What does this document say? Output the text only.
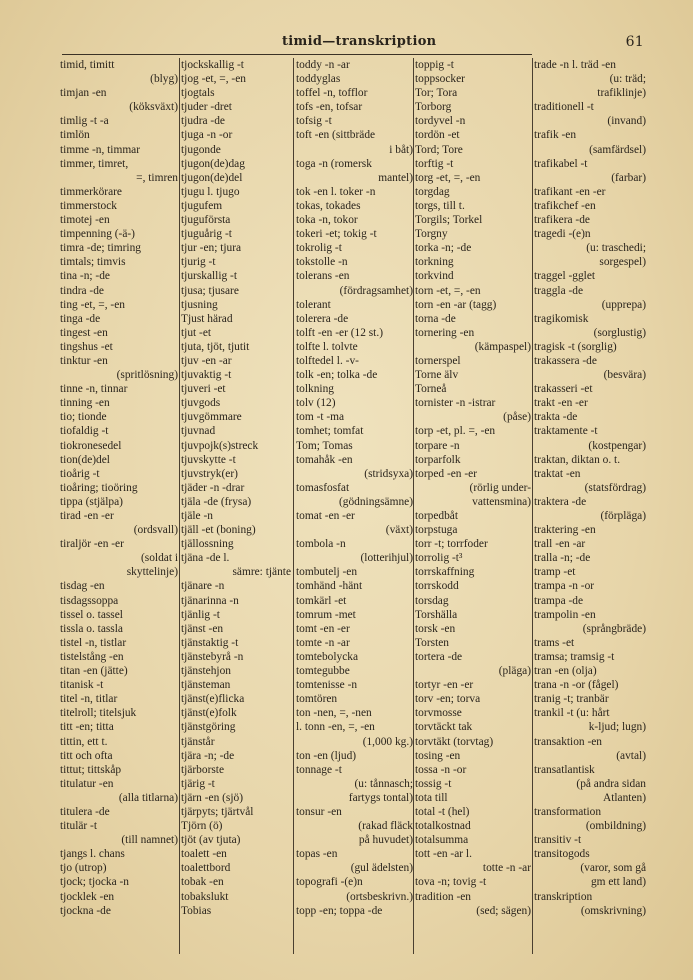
timid—transkription	61
timid, timitt
(blyg)
timjan -en
(köksväxt)
timlig -t -a
timlön
timme -n, timmar
timmer, timret,
=, timren
timmerkörare
timmerstock
timotej -en
timpenning (-ä-)
timra -de; timring
timtals; timvis
tina -n; -de
tindra -de
ting -et, =, -en
tinga -de
tingest -en
tingshus -et
tinktur -en
(spritlösning)
tinne -n, tinnar
tinning -en
tio; tionde
tiofaldig -t
tiokronesedel
tion(de)del
tioårig -t
tioåring; tioöring
tippa (stjälpa)
tirad -en -er
(ordsvall)
tiraljör -en -er
(soldat i
skyttelinje)
tisdag -en
tisdagssoppa
tissel o. tassel
tissla o. tassla
tistel -n, tistlar
tistelstång -en
titan -en (jätte)
titanisk -t
titel -n, titlar
titelroll; titelsjuk
titt -en; titta
tittin, ett t.
titt och ofta
tittut; tittskåp
titulatur -en
(alla titlarna)
titulera -de
titulär -t
(till namnet)
tjangs l. chans
tjo (utrop)
tjock; tjocka -n
tjocklek -en
tjockna -de
tjockskallig -t
tjog -et, =, -en
tjogtals
tjuder -dret
tjudra -de
tjuga -n -or
tjugonde
tjugon(de)dag
tjugon(de)del
tjugu l. tjugo
tjugufem
tjuguförsta
tjuguårig -t
tjur -en; tjura
tjurig -t
tjurskallig -t
tjusa; tjusare
tjusning
Tjust härad
tjut -et
tjuta, tjöt, tjutit
tjuv -en -ar
tjuvaktig -t
tjuveri -et
tjuvgods
tjuvgömmare
tjuvnad
tjuvpojk(s)streck
tjuvskytte -t
tjuvstryk(er)
tjäder -n -drar
tjäla -de (frysa)
tjäle -n
tjäll -et (boning)
tjällossning
tjäna -de l.
sämre: tjänte
tjänare -n
tjänarinna -n
tjänlig -t
tjänst -en
tjänstaktig -t
tjänstebyrå -n
tjänstehjon
tjänsteman
tjänst(e)flicka
tjänst(e)folk
tjänstgöring
tjänstår
tjära -n; -de
tjärborste
tjärig -t
tjärn -en (sjö)
tjärpyts; tjärtvål
Tjörn (ö)
tjöt (av tjuta)
toalett -en
toalettbord
tobak -en
tobakslukt
Tobias
toddy -n -ar
toddyglas
toffel -n, tofflor
tofs -en, tofsar
tofsig -t
toft -en (sittbräde
i båt)
toga -n (romersk
mantel)
tok -en l. toker -n
tokas, tokades
toka -n, tokor
tokeri -et; tokig -t
tokrolig -t
tokstolle -n
tolerans -en
(fördragsamhet)
tolerant
tolerera -de
tolft -en -er (12 st.)
tolfte l. tolvte
tolftedel l. -v-
tolk -en; tolka -de
tolkning
tolv (12)
tom -t -ma
tomhet; tomfat
Tom; Tomas
tomahåk -en
(stridsyxa)
tomasfosfat
(gödningsämne)
tomat -en -er
(växt)
tombola -n
(lotterihjul)
tombutelj -en
tomhänd -hänt
tomkärl -et
tomrum -met
tomt -en -er
tomte -n -ar
tomtebolycka
tomtegubbe
tomtenisse -n
tomtören
ton -nen, =, -nen
l. tonn -en, =, -en
(1,000 kg.)
ton -en (ljud)
tonnage -t
(u: tånnasch;
fartygs tontal)
tonsur -en
(rakad fläck
på huvudet)
topas -en
(gul ädelsten)
topografi -(e)n
(ortsbeskrivn.)
topp -en; toppa -de
toppig -t
toppsocker
Tor; Tora
Torborg
tordyvel -n
tordön -et
Tord; Tore
torftig -t
torg -et, =, -en
torgdag
torgs, till t.
Torgils; Torkel
Torgny
torka -n; -de
torkning
torkvind
torn -et, =, -en
torn -en -ar (tagg)
torna -de
tornering -en
(kämpaspel)
tornerspel
Torne älv
Torneå
tornister -n -istrar
(påse)
torp -et, pl. =, -en
torpare -n
torparfolk
torped -en -er
(rörlig under-
vattensmina)
torpedbåt
torpstuga
torr -t; torrfoder
torrolig -t³
torrskaffning
torrskodd
torsdag
Torshälla
torsk -en
Torsten
tortera -de
(pläga)
tortyr -en -er
torv -en; torva
torvmosse
torvtäckt tak
torvtäkt (torvtag)
tosing -en
tossa -n -or
tossig -t
tota till
total -t (hel)
totalkostnad
totalsumma
tott -en -ar l.
totte -n -ar
tova -n; tovig -t
tradition -en
(sed; sägen)
trade -n l. träd -en
(u: träd;
trafiklinje)
traditionell -t
(invand)
trafik -en
(samfärdsel)
trafikabel -t
(farbar)
trafikant -en -er
trafikchef -en
trafikera -de
tragedi -(e)n
(u: traschedi;
sorgespel)
traggel -gglet
traggla -de
(upprepa)
tragikomisk
(sorglustig)
tragisk -t (sorglig)
trakassera -de
(besvära)
trakasseri -et
trakt -en -er
trakta -de
traktamente -t
(kostpengar)
traktan, diktan o. t.
traktat -en
(statsfördrag)
traktera -de
(förpläga)
traktering -en
trall -en -ar
tralla -n; -de
tramp -et
trampa -n -or
trampa -de
trampolin -en
(språngbräde)
trams -et
tramsa; tramsig -t
tran -en (olja)
trana -n -or (fågel)
tranig -t; tranbär
trankil -t (u: hårt
k-ljud; lugn)
transaktion -en
(avtal)
transatlantisk
(på andra sidan
Atlanten)
transformation
(ombildning)
transitiv -t
transitogods
(varor, som gå
gm ett land)
transkription
(omskrivning)
